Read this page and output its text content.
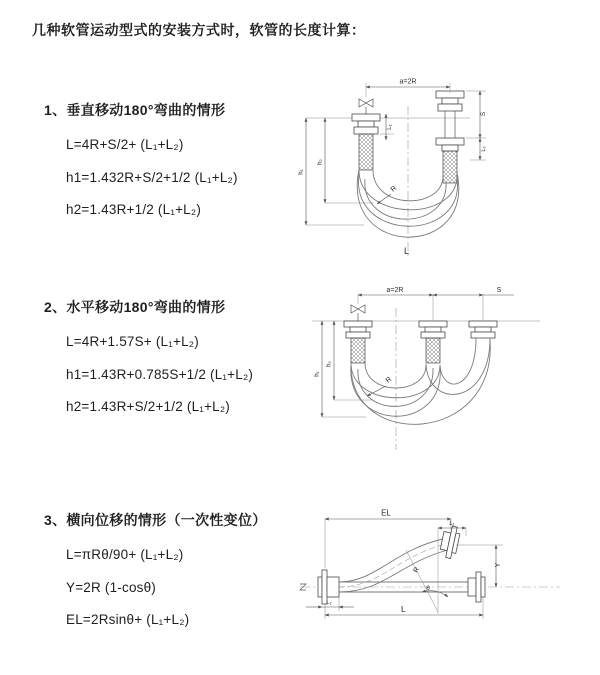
几种软管运动型式的安装方式时，软管的长度计算：
1、垂直移动180°弯曲的情形
L=4R+S/2+ (L₁+L₂)
h1=1.432R+S/2+1/2 (L₁+L₂)
h2=1.43R+1/2 (L₁+L₂)
2、水平移动180°弯曲的情形
L=4R+1.57S+ (L₁+L₂)
h1=1.43R+0.785S+1/2 (L₁+L₂)
h2=1.43R+S/2+1/2 (L₁+L₂)
3、横向位移的情形（一次性变位）
L=πRθ/90+ (L₁+L₂)
Y=2R (1-cosθ)
EL=2Rsinθ+ (L₁+L₂)
a=2R
L₁
S
L₂
h₁
h₂
R
L
a=2R	S
h₁
h₂
R
θ
R
EL
L₁
Y
L
L₂
